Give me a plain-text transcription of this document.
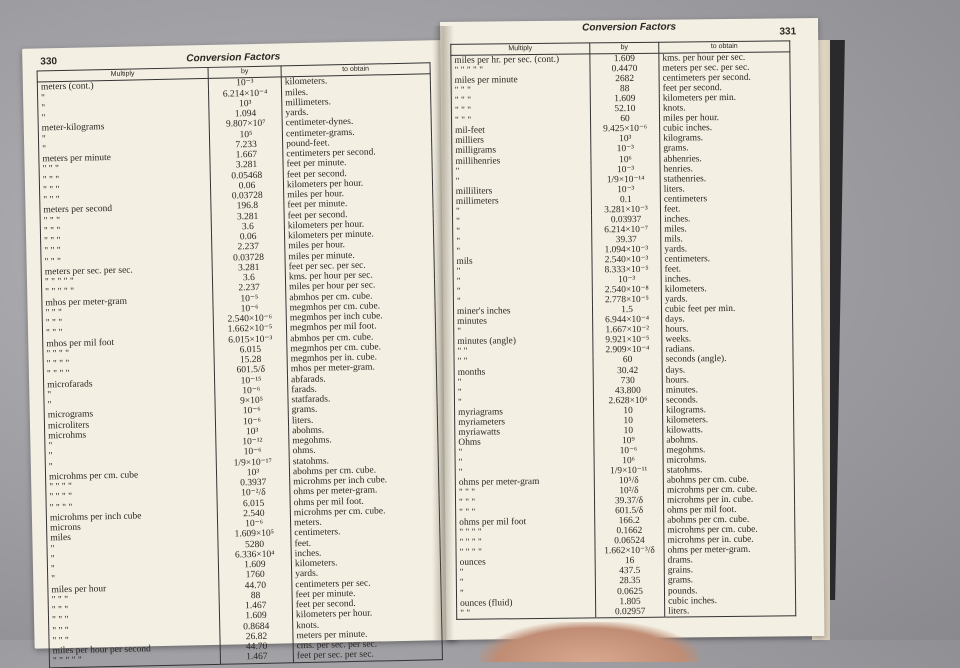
330	Conversion Factors
Multiply	by	to obtain
meters (cont.)	10⁻³	kilometers.
"	6.214×10⁻⁴	miles.
"	10³	millimeters.
"	1.094	yards.
meter-kilograms	9.807×10⁷	centimeter-dynes.
"	10⁵	centimeter-grams.
"	7.233	pound-feet.
meters per minute	1.667	centimeters per second.
" " "	3.281	feet per minute.
" " "	0.05468	feet per second.
" " "	0.06	kilometers per hour.
" " "	0.03728	miles per hour.
meters per second	196.8	feet per minute.
" " "	3.281	feet per second.
" " "	3.6	kilometers per hour.
" " "	0.06	kilometers per minute.
" " "	2.237	miles per hour.
" " "	0.03728	miles per minute.
meters per sec. per sec.	3.281	feet per sec. per sec.
" " " " "	3.6	kms. per hour per sec.
" " " " "	2.237	miles per hour per sec.
mhos per meter-gram	10⁻⁵	abmhos per cm. cube.
" " "	10⁻⁶	megmhos per cm. cube.
" " "	2.540×10⁻⁶	megmhos per inch cube.
" " "	1.662×10⁻⁵	megmhos per mil foot.
mhos per mil foot	6.015×10⁻³	abmhos per cm. cube.
" " " "	6.015	megmhos per cm. cube.
" " " "	15.28	megmhos per in. cube.
" " " "	601.5/δ	mhos per meter-gram.
microfarads	10⁻¹⁵	abfarads.
"	10⁻⁶	farads.
"	9×10⁵	statfarads.
micrograms	10⁻⁶	grams.
microliters	10⁻⁶	liters.
microhms	10³	abohms.
"	10⁻¹²	megohms.
"	10⁻⁶	ohms.
"	1/9×10⁻¹⁷	statohms.
microhms per cm. cube	10³	abohms per cm. cube.
" " " "	0.3937	microhms per inch cube.
" " " "	10⁻²/δ	ohms per meter-gram.
" " " "	6.015	ohms per mil foot.
microhms per inch cube	2.540	microhms per cm. cube.
microns	10⁻⁶	meters.
miles	1.609×10⁵	centimeters.
"	5280	feet.
"	6.336×10⁴	inches.
"	1.609	kilometers.
"	1760	yards.
miles per hour	44.70	centimeters per sec.
" " "	88	feet per minute.
" " "	1.467	feet per second.
" " "	1.609	kilometers per hour.
" " "	0.8684	knots.
" " "	26.82	meters per minute.
miles per hour per second	44.70	cms. per sec. per sec.
" " " " "	1.467	feet per sec. per sec.
Conversion Factors	331
Multiply	by	to obtain
miles per hr. per sec. (cont.)	1.609	kms. per hour per sec.
" " " " "	0.4470	meters per sec. per sec.
miles per minute	2682	centimeters per second.
" " "	88	feet per second.
" " "	1.609	kilometers per min.
" " "	52.10	knots.
" " "	60	miles per hour.
mil-feet	9.425×10⁻⁶	cubic inches.
milliers	10³	kilograms.
milligrams	10⁻³	grams.
millihenries	10⁶	abhenries.
"	10⁻³	henries.
"	1/9×10⁻¹⁴	stathenries.
milliliters	10⁻³	liters.
millimeters	0.1	centimeters
"	3.281×10⁻³	feet.
"	0.03937	inches.
"	6.214×10⁻⁷	miles.
"	39.37	mils.
"	1.094×10⁻³	yards.
mils	2.540×10⁻³	centimeters.
"	8.333×10⁻⁵	feet.
"	10⁻³	inches.
"	2.540×10⁻⁸	kilometers.
"	2.778×10⁻⁵	yards.
miner's inches	1.5	cubic feet per min.
minutes	6.944×10⁻⁴	days.
"	1.667×10⁻²	hours.
minutes (angle)	9.921×10⁻⁵	weeks.
" "	2.909×10⁻⁴	radians.
" "	60	seconds (angle).
months	30.42	days.
"	730	hours.
"	43.800	minutes.
"	2.628×10⁶	seconds.
myriagrams	10	kilograms.
myriameters	10	kilometers.
myriawatts	10	kilowatts.

Ohms	10⁹	abohms.
"	10⁻⁶	megohms.
"	10⁶	microhms.
"	1/9×10⁻¹¹	statohms.
ohms per meter-gram	10⁵/δ	abohms per cm. cube.
" " "	10²/δ	microhms per cm. cube.
" " "	39.37/δ	microhms per in. cube.
" " "	601.5/δ	ohms per mil foot.
ohms per mil foot	166.2	abohms per cm. cube.
" " " "	0.1662	microhms per cm. cube.
" " " "	0.06524	microhms per in. cube.
" " " "	1.662×10⁻³/δ	ohms per meter-gram.
ounces	16	drams.
"	437.5	grains.
"	28.35	grams.
"	0.0625	pounds.
ounces (fluid)	1.805	cubic inches.
" "	0.02957	liters.
